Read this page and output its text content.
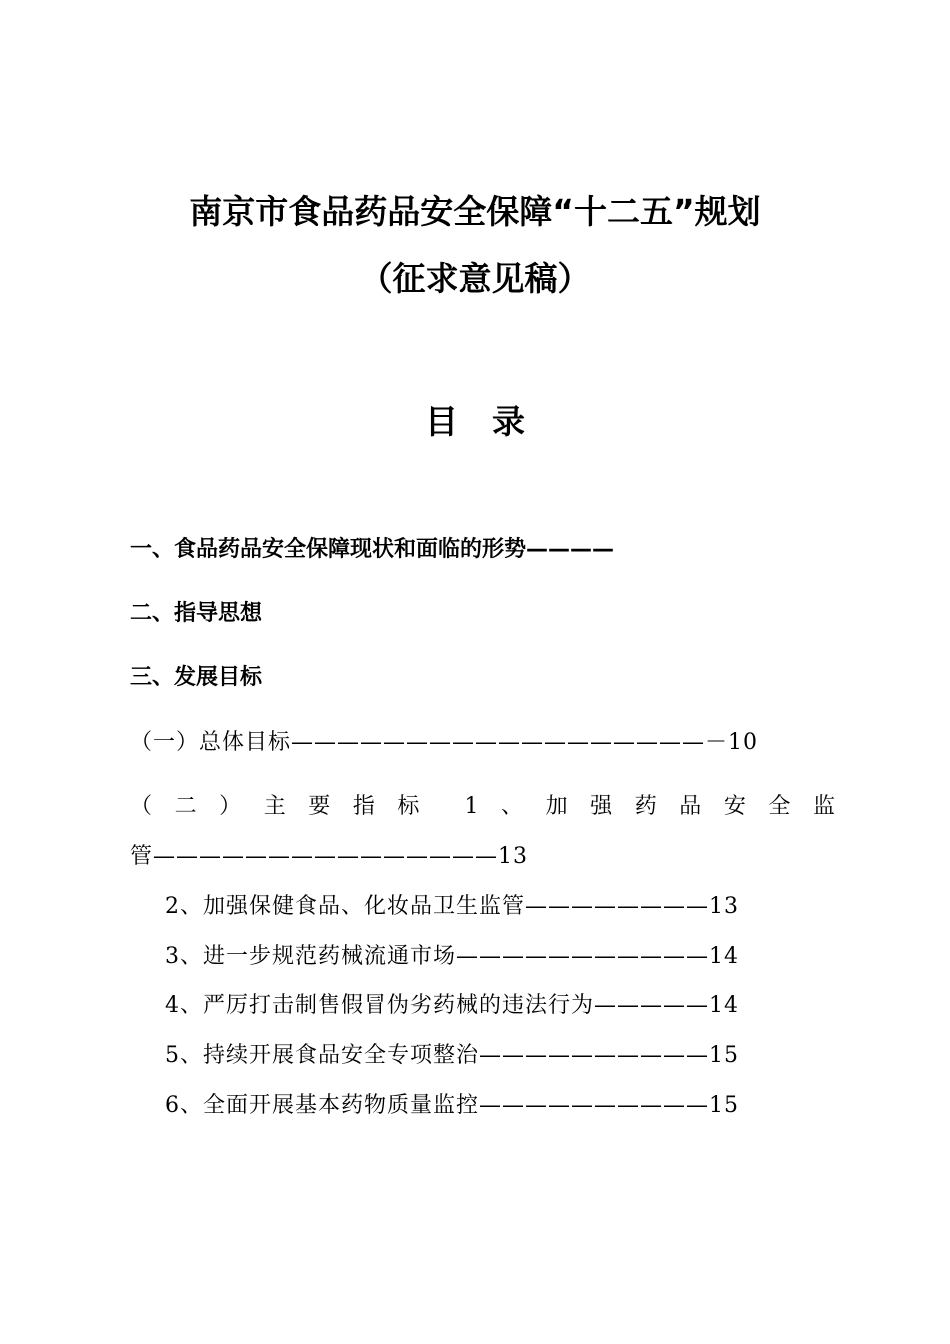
南京市食品药品安全保障“十二五”规划
（征求意见稿）
目 录
一、食品药品安全保障现状和面临的形势————
二、指导思想
三、发展目标
（一）总体目标——————————————————－10
（ 二 ） 主 要 指 标 1 、 加 强 药 品 安 全 监
管———————————————13
2、加强保健食品、化妆品卫生监管————————13
3、进一步规范药械流通市场———————————14
4、严厉打击制售假冒伪劣药械的违法行为—————14
5、持续开展食品安全专项整治——————————15
6、全面开展基本药物质量监控——————————15
